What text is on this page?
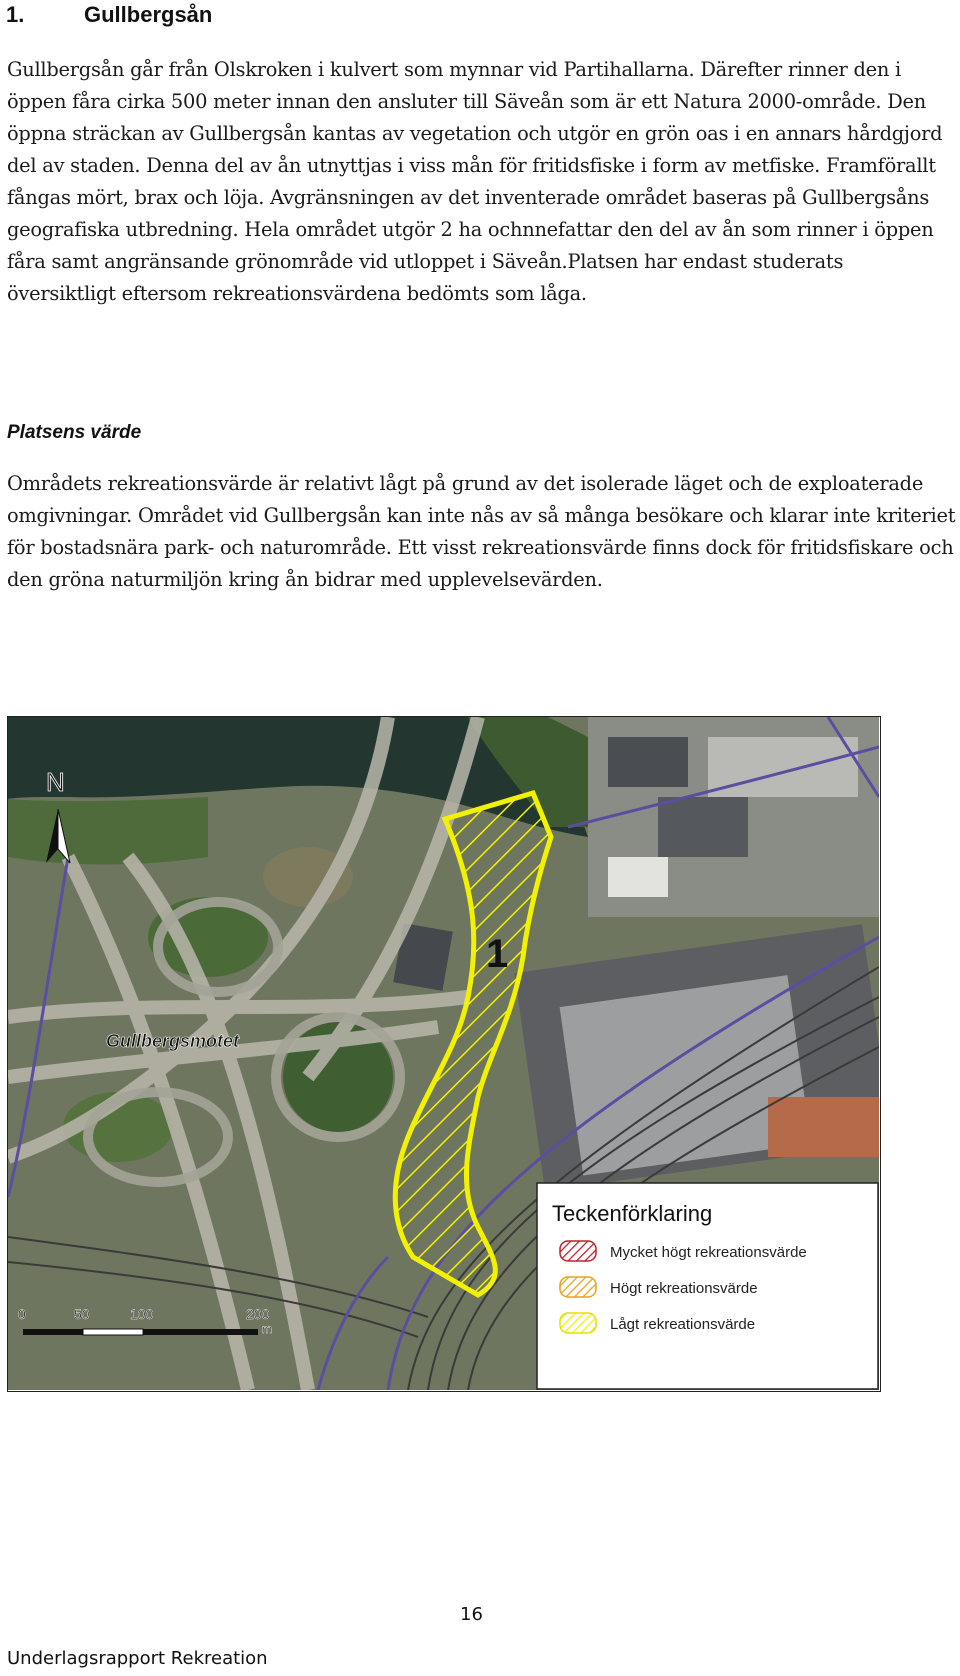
1.	Gullbergsån

Gullbergsån går från Olskroken i kulvert som mynnar vid Partihallarna. Därefter rinner den i öppen fåra cirka 500 meter innan den ansluter till Säveån som är ett Natura 2000-område. Den öppna sträckan av Gullbergsån kantas av vegetation och utgör en grön oas i en annars hårdgjord del av staden. Denna del av ån utnyttjas i viss mån för fritidsfiske i form av metfiske. Framförallt fångas mört, brax och löja. Avgränsningen av det inventerade området baseras på Gullbergsåns geografiska utbredning. Hela området utgör 2 ha ochnnefattar den del av ån som rinner i öppen fåra samt angränsande grönområde vid utloppet i Säveån.Platsen har endast studerats översiktligt eftersom rekreationsvärdena bedömts som låga.

Platsens värde

Områdets rekreationsvärde är relativt lågt på grund av det isolerade läget och de exploaterade omgivningar. Området vid Gullbergsån kan inte nås av så många besökare och klarar inte kriteriet för bostadsnära park- och naturområde. Ett visst rekreationsvärde finns dock för fritidsfiskare och den gröna naturmiljön kring ån bidrar med upplevelsevärden.

1
Gullbergsmotet
N
0	50	100	200
m
Teckenförklaring
Mycket högt rekreationsvärde
Högt rekreationsvärde
Lågt rekreationsvärde
16
Underlagsrapport Rekreation
